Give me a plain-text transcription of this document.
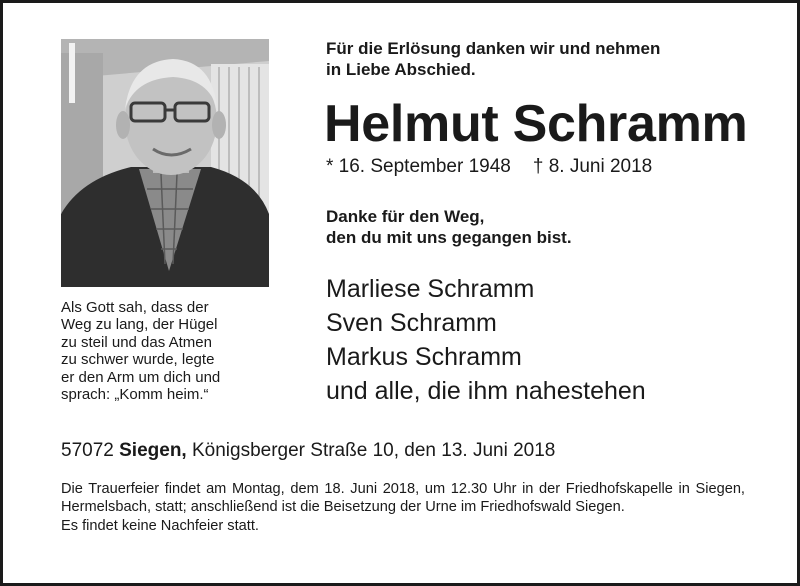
Als Gott sah, dass der
Weg zu lang, der Hügel
zu steil und das Atmen
zu schwer wurde, legte
er den Arm um dich und
sprach: „Komm heim.“
Für die Erlösung danken wir und nehmen
in Liebe Abschied.
Helmut Schramm
* 16. September 1948 † 8. Juni 2018
Danke für den Weg,
den du mit uns gegangen bist.
Marliese Schramm
Sven Schramm
Markus Schramm
und alle, die ihm nahestehen
57072 Siegen, Königsberger Straße 10, den 13. Juni 2018

Die Trauerfeier findet am Montag, dem 18. Juni 2018, um 12.30 Uhr in der Friedhofskapelle in Siegen, Hermelsbach, statt; anschließend ist die Beisetzung der Urne im Friedhofswald Siegen.

Es findet keine Nachfeier statt.
